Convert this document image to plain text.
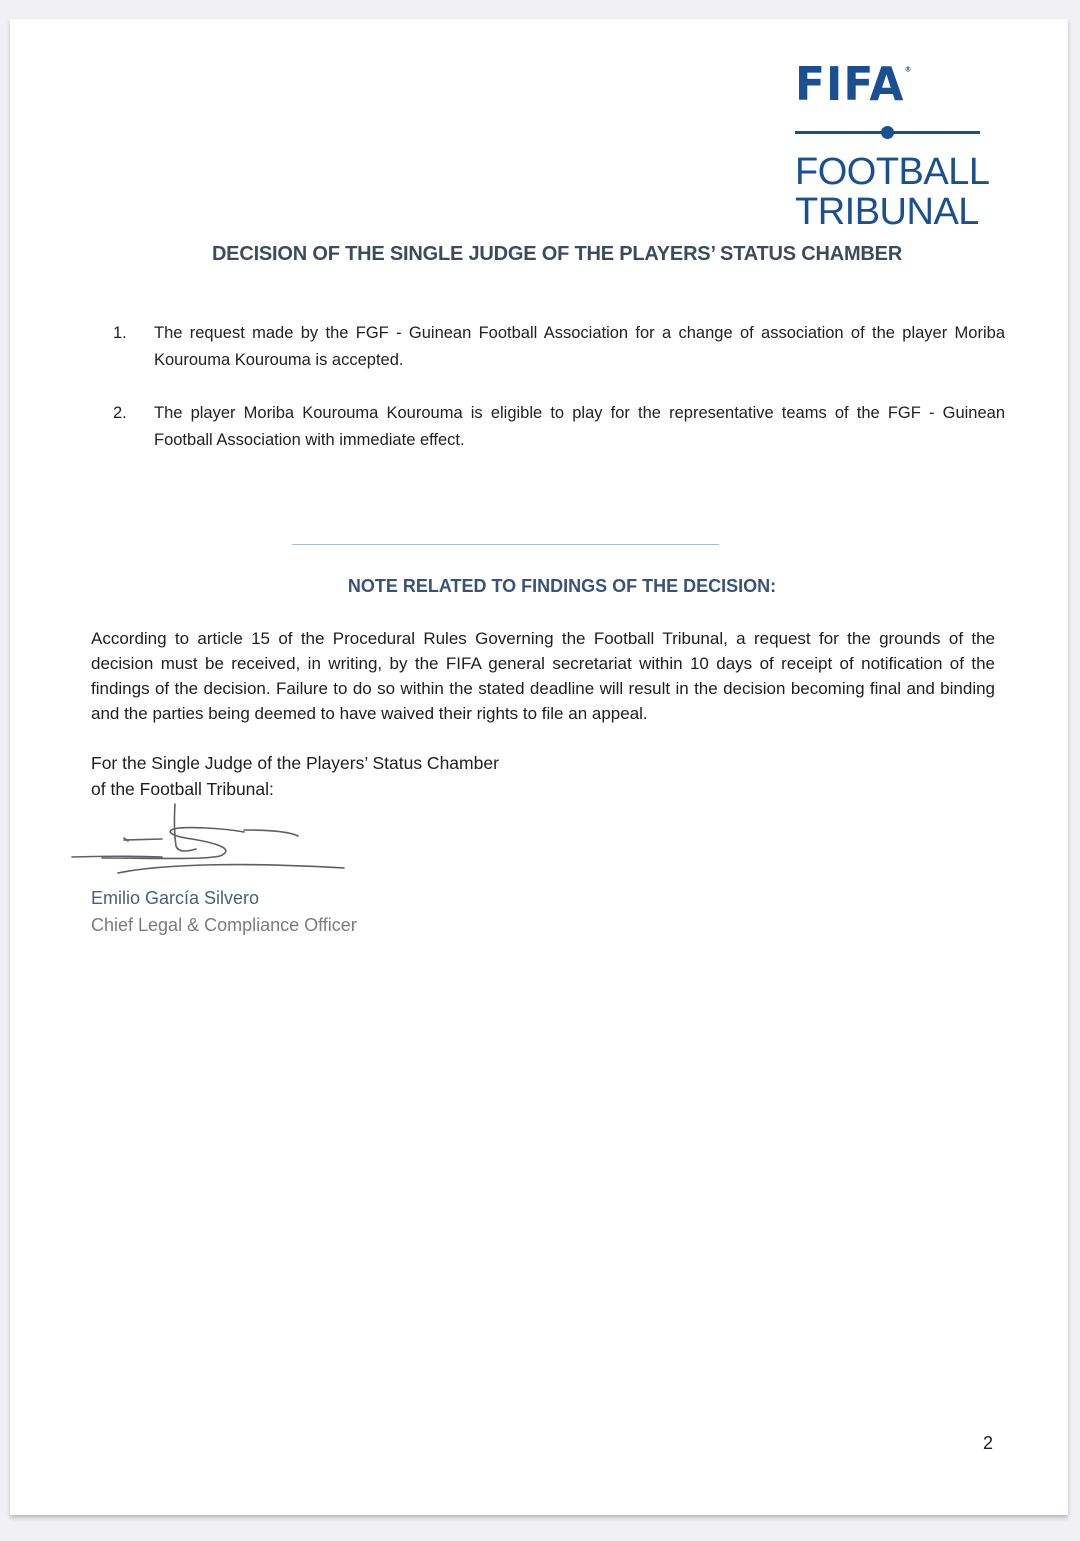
FIFA®
FOOTBALL
TRIBUNAL
DECISION OF THE SINGLE JUDGE OF THE PLAYERS’ STATUS CHAMBER
1.	The request made by the FGF - Guinean Football Association for a change of association of the player Moriba Kourouma Kourouma is accepted.
2.	The player Moriba Kourouma Kourouma is eligible to play for the representative teams of the FGF - Guinean Football Association with immediate effect.
NOTE RELATED TO FINDINGS OF THE DECISION:
According to article 15 of the Procedural Rules Governing the Football Tribunal, a request for the grounds of the decision must be received, in writing, by the FIFA general secretariat within 10 days of receipt of notification of the findings of the decision. Failure to do so within the stated deadline will result in the decision becoming final and binding and the parties being deemed to have waived their rights to file an appeal.
For the Single Judge of the Players’ Status Chamber
of the Football Tribunal:
Emilio García Silvero
Chief Legal & Compliance Officer
2
